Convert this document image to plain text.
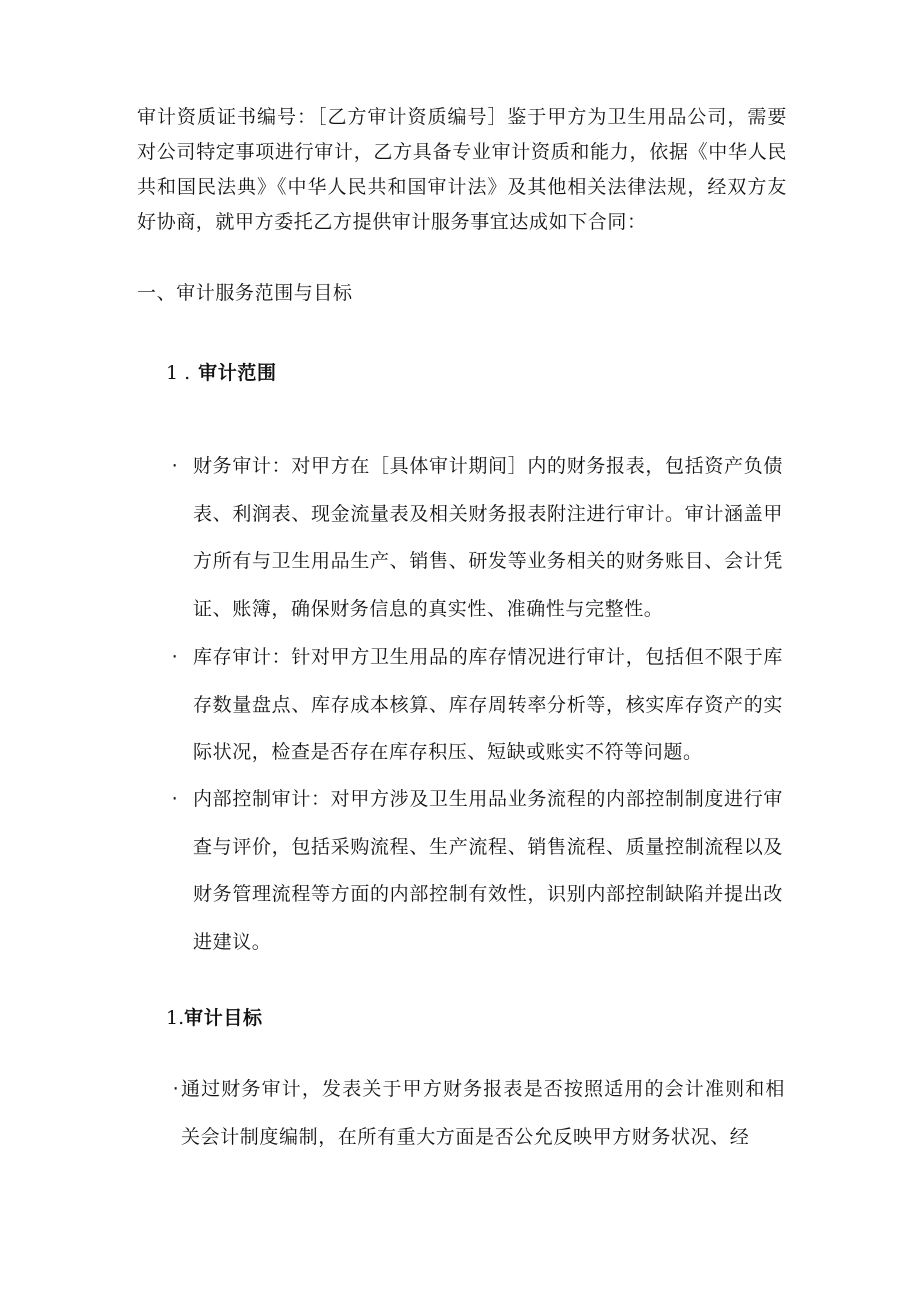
审计资质证书编号：［乙方审计资质编号］鉴于甲方为卫生用品公司，需要对公司特定事项进行审计，乙方具备专业审计资质和能力，依据《中华人民共和国民法典》《中华人民共和国审计法》及其他相关法律法规，经双方友好协商，就甲方委托乙方提供审计服务事宜达成如下合同：

一、审计服务范围与目标

1 . 审计范围

· 财务审计：对甲方在［具体审计期间］内的财务报表，包括资产负债表、利润表、现金流量表及相关财务报表附注进行审计。审计涵盖甲方所有与卫生用品生产、销售、研发等业务相关的财务账目、会计凭证、账簿，确保财务信息的真实性、准确性与完整性。
· 库存审计：针对甲方卫生用品的库存情况进行审计，包括但不限于库存数量盘点、库存成本核算、库存周转率分析等，核实库存资产的实际状况，检查是否存在库存积压、短缺或账实不符等问题。
· 内部控制审计：对甲方涉及卫生用品业务流程的内部控制制度进行审查与评价，包括采购流程、生产流程、销售流程、质量控制流程以及财务管理流程等方面的内部控制有效性，识别内部控制缺陷并提出改进建议。

1.审计目标

· 通过财务审计，发表关于甲方财务报表是否按照适用的会计准则和相关会计制度编制，在所有重大方面是否公允反映甲方财务状况、经
